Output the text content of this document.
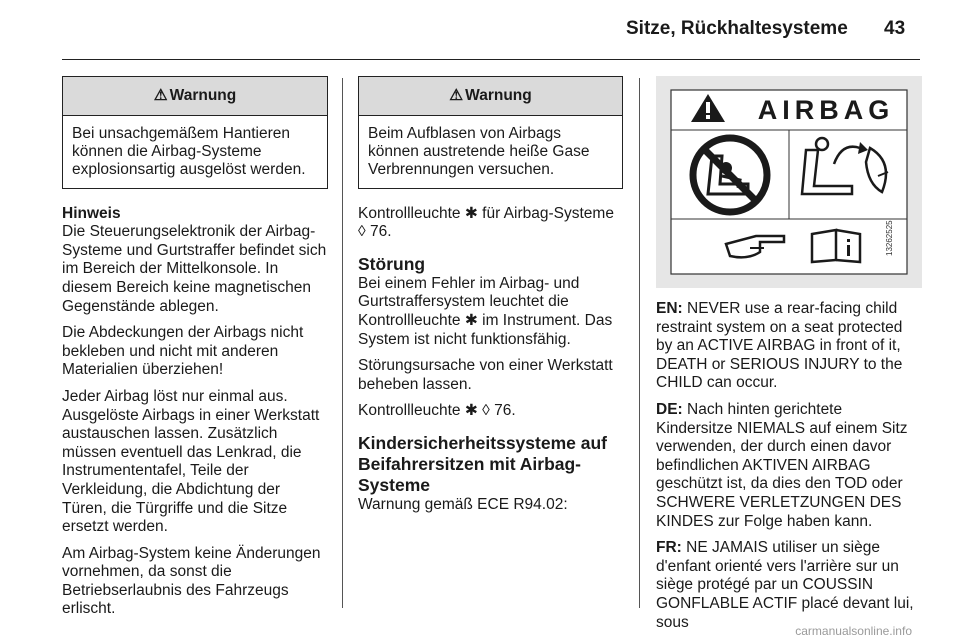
Sitze, Rückhaltesysteme 43
⚠ Warnung
Bei unsachgemäßem Hantieren können die Airbag-Systeme explosionsartig ausgelöst werden.

Hinweis

Die Steuerungselektronik der Airbag-Systeme und Gurtstraffer befindet sich im Bereich der Mittelkonsole. In diesem Bereich keine magnetischen Gegenstände ablegen.

Die Abdeckungen der Airbags nicht bekleben und nicht mit anderen Materialien überziehen!

Jeder Airbag löst nur einmal aus. Ausgelöste Airbags in einer Werkstatt austauschen lassen. Zusätzlich müssen eventuell das Lenkrad, die Instrumententafel, Teile der Verkleidung, die Abdichtung der Türen, die Türgriffe und die Sitze ersetzt werden.

Am Airbag-System keine Änderungen vornehmen, da sonst die Betriebserlaubnis des Fahrzeugs erlischt.

⚠ Warnung
Beim Aufblasen von Airbags können austretende heiße Gase Verbrennungen versuchen.

Kontrollleuchte ✱ für Airbag-Systeme ◊ 76.

Störung

Bei einem Fehler im Airbag- und Gurtstraffersystem leuchtet die Kontrollleuchte ✱ im Instrument. Das System ist nicht funktionsfähig.

Störungsursache von einer Werkstatt beheben lassen.

Kontrollleuchte ✱ ◊ 76.

Kindersicherheitssysteme auf Beifahrersitzen mit Airbag-Systeme

Warnung gemäß ECE R94.02:

AIRBAG
13262525

EN: NEVER use a rear-facing child restraint system on a seat protected by an ACTIVE AIRBAG in front of it, DEATH or SERIOUS INJURY to the CHILD can occur.

DE: Nach hinten gerichtete Kindersitze NIEMALS auf einem Sitz verwenden, der durch einen davor befindlichen AKTIVEN AIRBAG geschützt ist, da dies den TOD oder SCHWERE VERLETZUNGEN DES KINDES zur Folge haben kann.

FR: NE JAMAIS utiliser un siège d'enfant orienté vers l'arrière sur un siège protégé par un COUSSIN GONFLABLE ACTIF placé devant lui, sous

carmanualsonline.info
